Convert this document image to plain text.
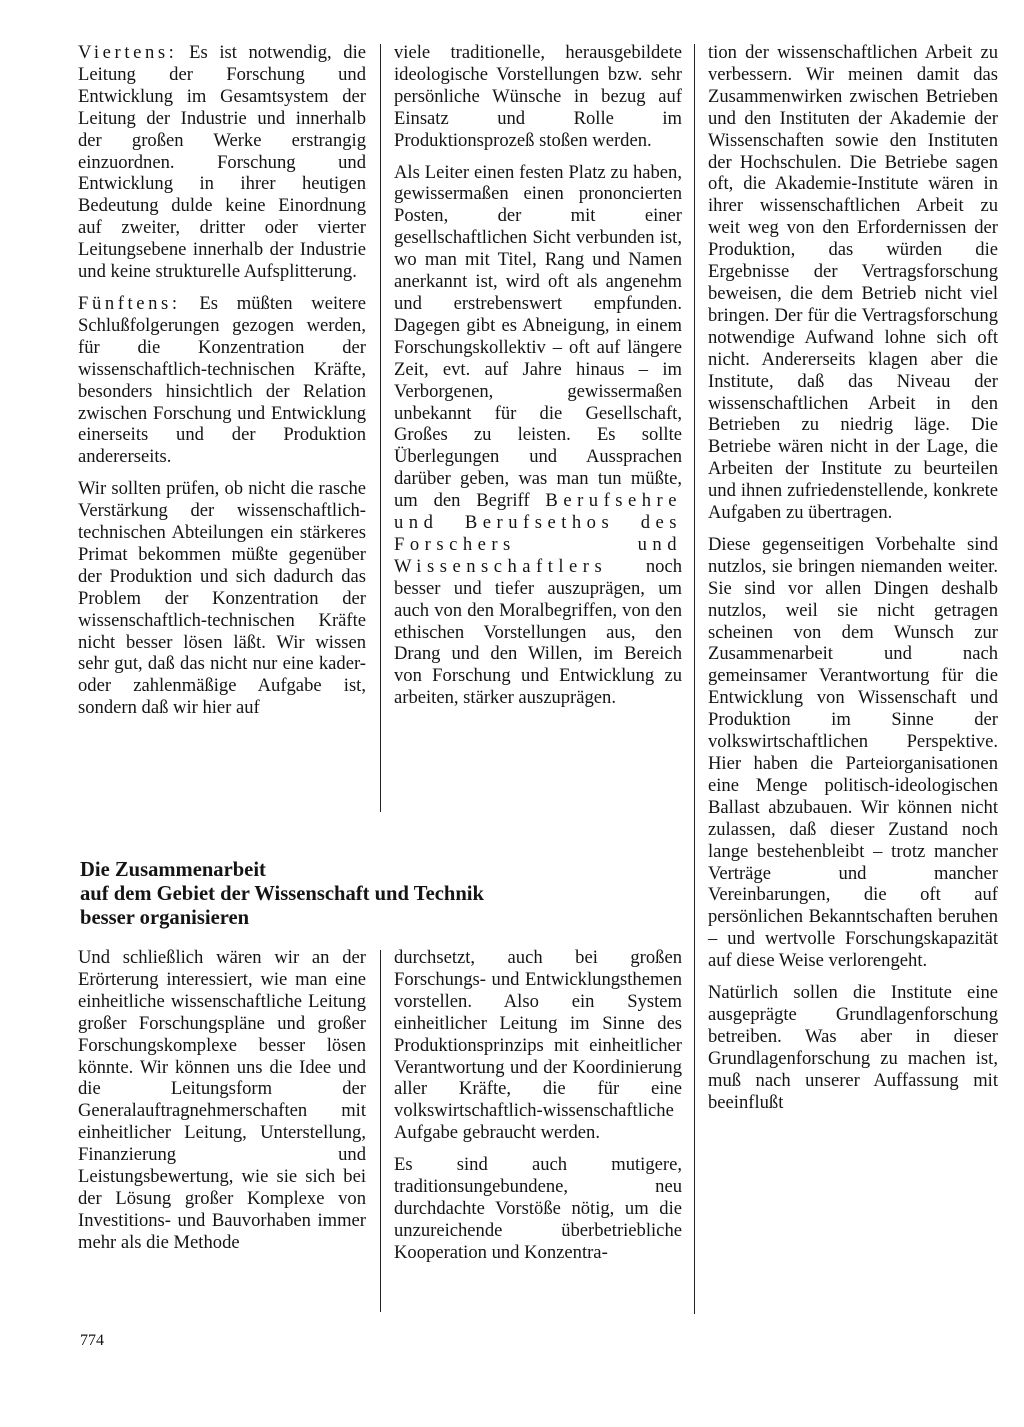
Viertens: Es ist notwendig, die Leitung der Forschung und Entwicklung im Gesamtsystem der Leitung der Industrie und innerhalb der großen Werke erstrangig einzuordnen. Forschung und Entwicklung in ihrer heutigen Bedeutung dulde keine Einordnung auf zweiter, dritter oder vierter Leitungsebene innerhalb der Industrie und keine strukturelle Aufsplitterung.

Fünftens: Es müßten weitere Schlußfolgerungen gezogen werden, für die Konzentration der wissenschaftlich-technischen Kräfte, besonders hinsichtlich der Relation zwischen Forschung und Entwicklung einerseits und der Produktion andererseits.

Wir sollten prüfen, ob nicht die rasche Verstärkung der wissenschaftlich-technischen Abteilungen ein stärkeres Primat bekommen müßte gegenüber der Produktion und sich dadurch das Problem der Konzentration der wissenschaftlich-technischen Kräfte nicht besser lösen läßt. Wir wissen sehr gut, daß das nicht nur eine kader- oder zahlenmäßige Aufgabe ist, sondern daß wir hier auf

viele traditionelle, herausgebildete ideologische Vorstellungen bzw. sehr persönliche Wünsche in bezug auf Einsatz und Rolle im Produktionsprozeß stoßen werden.

Als Leiter einen festen Platz zu haben, gewissermaßen einen prononcierten Posten, der mit einer gesellschaftlichen Sicht verbunden ist, wo man mit Titel, Rang und Namen anerkannt ist, wird oft als angenehm und erstrebenswert empfunden. Dagegen gibt es Abneigung, in einem Forschungskollektiv – oft auf längere Zeit, evt. auf Jahre hinaus – im Verborgenen, gewissermaßen unbekannt für die Gesellschaft, Großes zu leisten. Es sollte Überlegungen und Aussprachen darüber geben, was man tun müßte, um den Begriff Berufsehre und Berufsethos des Forschers	und Wissenschaftlers noch besser und tiefer auszuprägen, um auch von den Moralbegriffen, von den ethischen Vorstellungen aus, den Drang und den Willen, im Bereich von Forschung und Entwicklung zu arbeiten, stärker auszuprägen.

tion der wissenschaftlichen Arbeit zu verbessern. Wir meinen damit das Zusammenwirken zwischen Betrieben und den Instituten der Akademie der Wissenschaften sowie den Instituten der Hochschulen. Die Betriebe sagen oft, die Akademie-Institute wären in ihrer wissenschaftlichen Arbeit zu weit weg von den Erfordernissen der Produktion, das würden die Ergebnisse der Vertragsforschung beweisen, die dem Betrieb nicht viel bringen. Der für die Vertragsforschung notwendige Aufwand lohne sich oft nicht. Andererseits klagen aber die Institute, daß das Niveau der wissenschaftlichen Arbeit in den Betrieben zu niedrig läge. Die Betriebe wären nicht in der Lage, die Arbeiten der Institute zu beurteilen und ihnen zufriedenstellende, konkrete Aufgaben zu übertragen.

Diese gegenseitigen Vorbehalte sind nutzlos, sie bringen niemanden weiter. Sie sind vor allen Dingen deshalb nutzlos, weil sie nicht getragen scheinen von dem Wunsch zur Zusammenarbeit und nach gemeinsamer Verantwortung für die Entwicklung von Wissenschaft und Produktion im Sinne der volkswirtschaftlichen Perspektive. Hier haben die Parteiorganisationen eine Menge politisch-ideologischen Ballast abzubauen. Wir können nicht zulassen, daß dieser Zustand noch lange bestehenbleibt – trotz mancher Verträge und mancher Vereinbarungen, die oft auf persönlichen Bekanntschaften beruhen – und wertvolle Forschungskapazität auf diese Weise verlorengeht.

Natürlich sollen die Institute eine ausgeprägte Grundlagenforschung betreiben. Was aber in dieser Grundlagenforschung zu machen ist, muß nach unserer Auffassung mit beeinflußt

Die Zusammenarbeit
auf dem Gebiet der Wissenschaft und Technik
besser organisieren

Und schließlich wären wir an der Erörterung interessiert, wie man eine einheitliche wissenschaftliche Leitung großer Forschungspläne und großer Forschungskomplexe besser lösen könnte. Wir können uns die Idee und die Leitungsform der Generalauftragnehmerschaften mit einheitlicher Leitung, Unterstellung, Finanzierung und Leistungsbewertung, wie sie sich bei der Lösung großer Komplexe von Investitions- und Bauvorhaben immer mehr als die Methode

durchsetzt, auch bei großen Forschungs- und Entwicklungsthemen vorstellen. Also ein System einheitlicher Leitung im Sinne des Produktionsprinzips mit einheitlicher Verantwortung und der Koordinierung aller Kräfte, die für eine volkswirtschaftlich-wissenschaftliche Aufgabe gebraucht werden.

Es sind auch mutigere, traditionsungebundene, neu durchdachte Vorstöße nötig, um die unzureichende überbetriebliche Kooperation und Konzentra-

774
